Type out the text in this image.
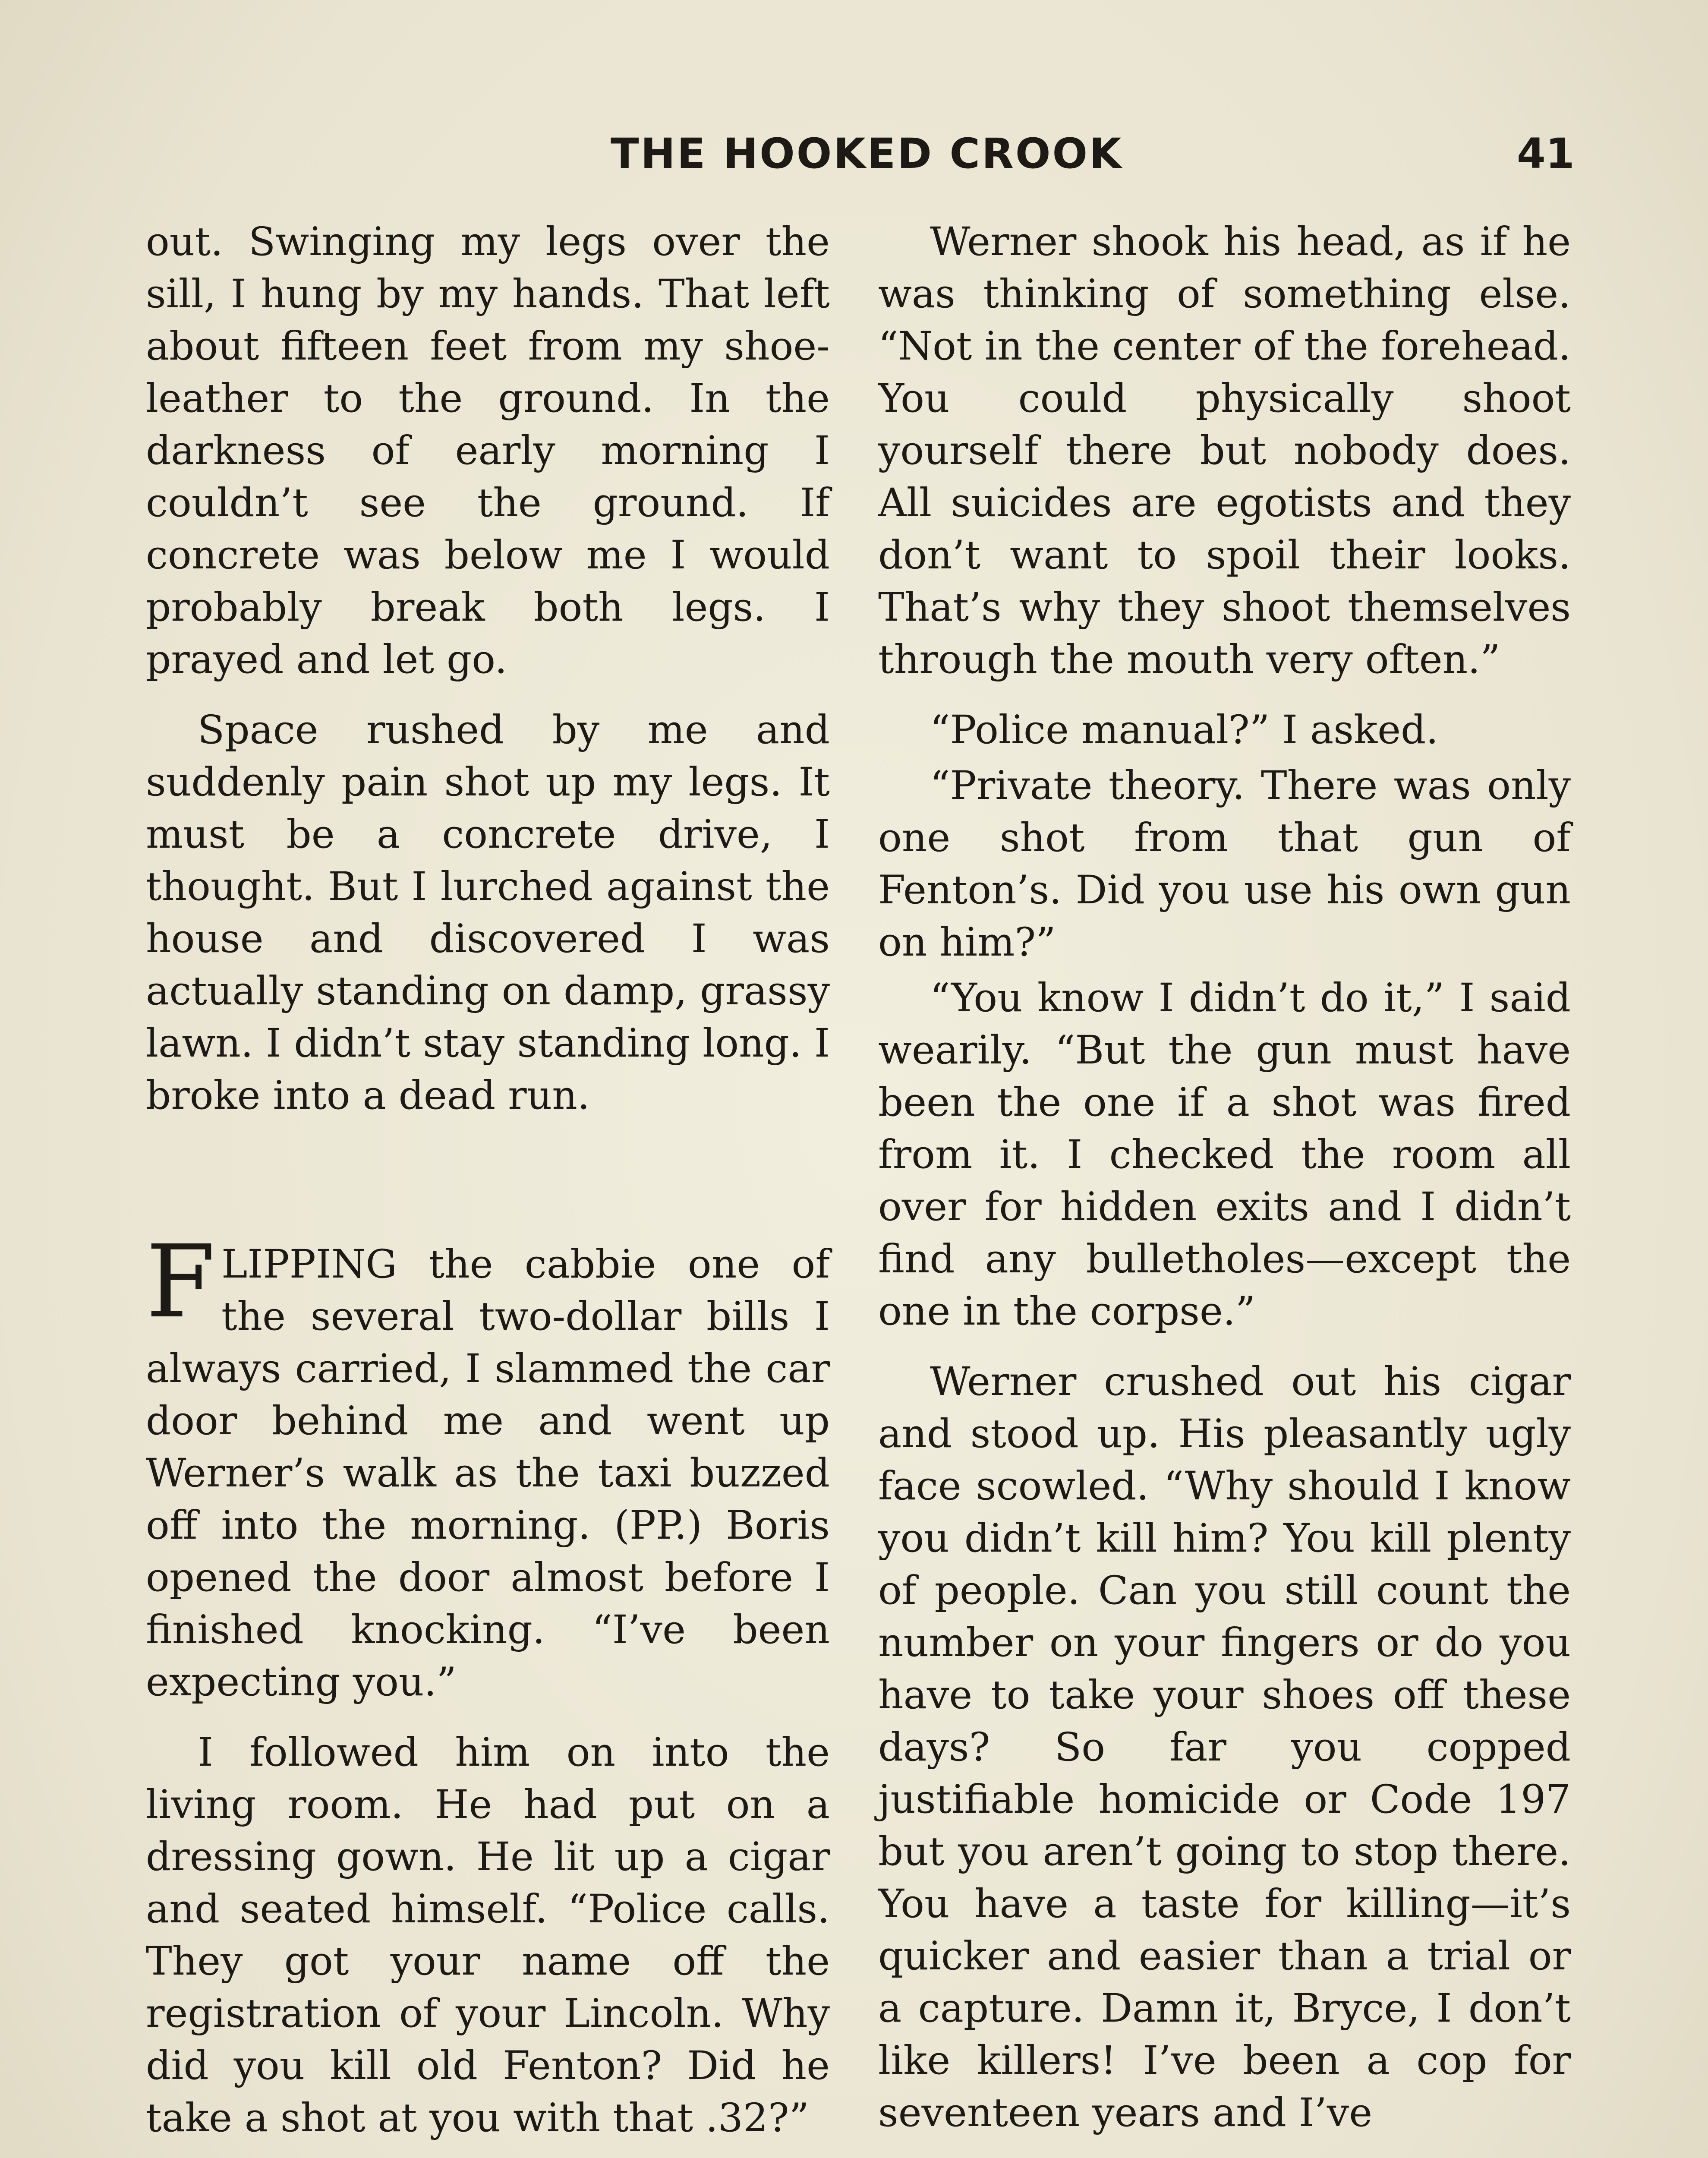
THE HOOKED CROOK	41

out. Swinging my legs over the sill, I hung by my hands. That left about fifteen feet from my shoe-leather to the ground. In the darkness of early morning I couldn’t see the ground. If concrete was below me I would probably break both legs. I prayed and let go.

Space rushed by me and suddenly pain shot up my legs. It must be a concrete drive, I thought. But I lurched against the house and discovered I was actually standing on damp, grassy lawn. I didn’t stay standing long. I broke into a dead run.

FLIPPING the cabbie one of the several two-dollar bills I always carried, I slammed the car door behind me and went up Werner’s walk as the taxi buzzed off into the morning. (PP.) Boris opened the door almost before I finished knocking. “I’ve been expecting you.”

I followed him on into the living room. He had put on a dressing gown. He lit up a cigar and seated himself. “Police calls. They got your name off the registration of your Lincoln. Why did you kill old Fenton? Did he take a shot at you with that .32?”

Werner shook his head, as if he was thinking of something else. “Not in the center of the forehead. You could physically shoot yourself there but nobody does. All suicides are egotists and they don’t want to spoil their looks. That’s why they shoot themselves through the mouth very often.”

“Police manual?” I asked.

“Private theory. There was only one shot from that gun of Fenton’s. Did you use his own gun on him?”

“You know I didn’t do it,” I said wearily. “But the gun must have been the one if a shot was fired from it. I checked the room all over for hidden exits and I didn’t find any bulletholes—except the one in the corpse.”

Werner crushed out his cigar and stood up. His pleasantly ugly face scowled. “Why should I know you didn’t kill him? You kill plenty of people. Can you still count the number on your fingers or do you have to take your shoes off these days? So far you copped justifiable homicide or Code 197 but you aren’t going to stop there. You have a taste for killing—it’s quicker and easier than a trial or a capture. Damn it, Bryce, I don’t like killers! I’ve been a cop for seventeen years and I’ve
